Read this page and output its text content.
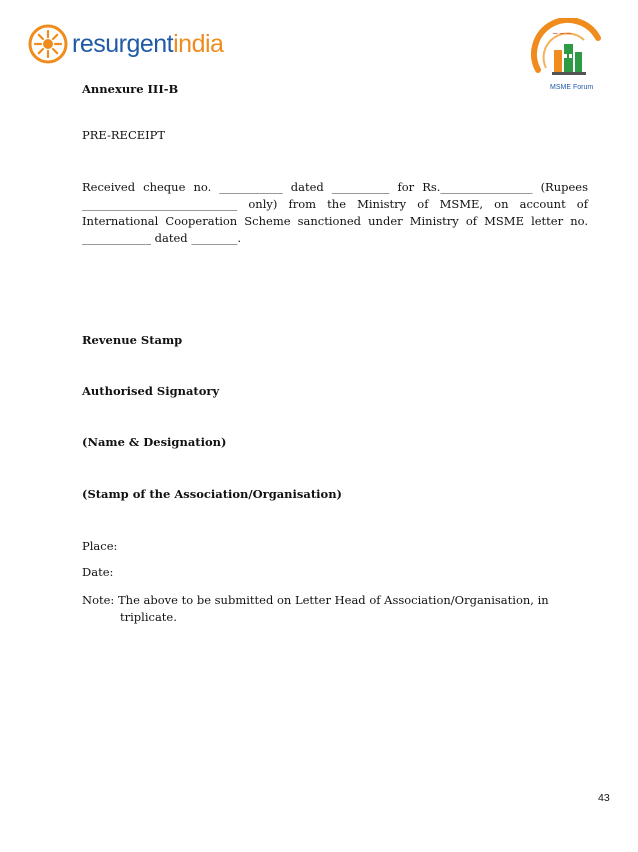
resurgentindia	~~~
MSME Forum
Annexure III-B
PRE-RECEIPT
Received cheque no. ___________ dated __________ for Rs.________________ (Rupees
___________________________ only) from the Ministry of MSME, on account of
International Cooperation Scheme sanctioned under Ministry of MSME letter no.
____________ dated ________.
Revenue Stamp
Authorised Signatory
(Name & Designation)
(Stamp of the Association/Organisation)
Place:
Date:
Note: The above to be submitted on Letter Head of Association/Organisation, in
triplicate.
43
